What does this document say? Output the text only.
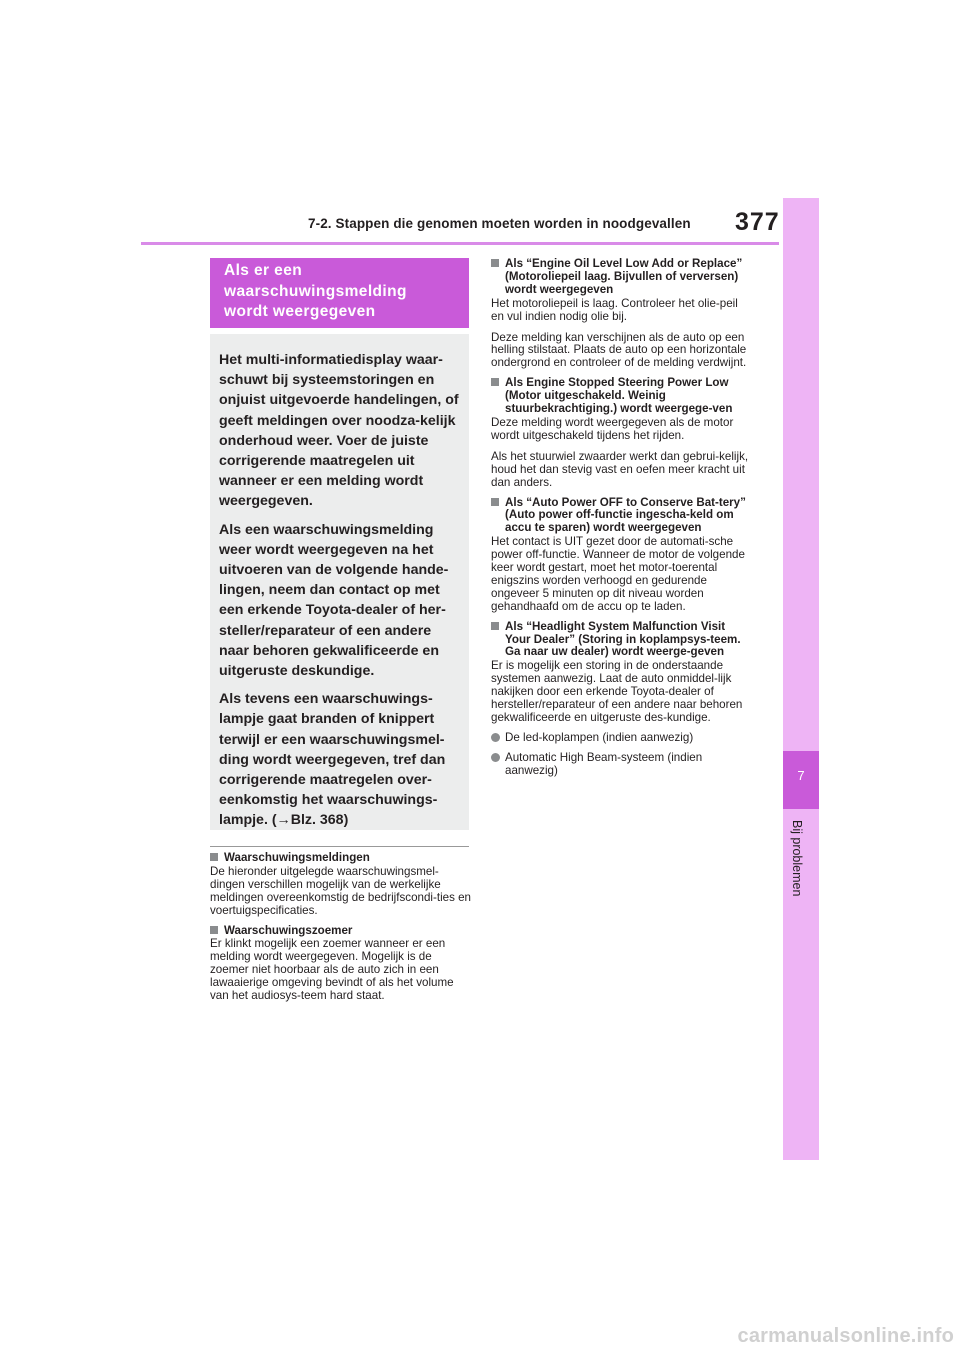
7-2. Stappen die genomen moeten worden in noodgevallen 377
7
Bij problemen
Als er een waarschuwingsmelding wordt weergegeven

Het multi-informatiedisplay waar-schuwt bij systeemstoringen en onjuist uitgevoerde handelingen, of geeft meldingen over noodza-kelijk onderhoud weer. Voer de juiste corrigerende maatregelen uit wanneer er een melding wordt weergegeven.

Als een waarschuwingsmelding weer wordt weergegeven na het uitvoeren van de volgende hande-lingen, neem dan contact op met een erkende Toyota-dealer of her-steller/reparateur of een andere naar behoren gekwalificeerde en uitgeruste deskundige.

Als tevens een waarschuwings-lampje gaat branden of knippert terwijl er een waarschuwingsmel-ding wordt weergegeven, tref dan corrigerende maatregelen over-eenkomstig het waarschuwings-lampje. (→Blz. 368)

Waarschuwingsmeldingen
De hieronder uitgelegde waarschuwingsmel-dingen verschillen mogelijk van de werkelijke meldingen overeenkomstig de bedrijfscondi-ties en voertuigspecificaties.
Waarschuwingszoemer
Er klinkt mogelijk een zoemer wanneer er een melding wordt weergegeven. Mogelijk is de zoemer niet hoorbaar als de auto zich in een lawaaierige omgeving bevindt of als het volume van het audiosys-teem hard staat.
Als “Engine Oil Level Low Add or Replace” (Motoroliepeil laag. Bijvullen of verversen) wordt weergegeven
Het motoroliepeil is laag. Controleer het olie-peil en vul indien nodig olie bij.
Deze melding kan verschijnen als de auto op een helling stilstaat. Plaats de auto op een horizontale ondergrond en controleer of de melding verdwijnt.
Als Engine Stopped Steering Power Low (Motor uitgeschakeld. Weinig stuurbekrachtiging.) wordt weergege-ven
Deze melding wordt weergegeven als de motor wordt uitgeschakeld tijdens het rijden.
Als het stuurwiel zwaarder werkt dan gebrui-kelijk, houd het dan stevig vast en oefen meer kracht uit dan anders.
Als “Auto Power OFF to Conserve Bat-tery” (Auto power off-functie ingescha-keld om accu te sparen) wordt weergegeven
Het contact is UIT gezet door de automati-sche power off-functie. Wanneer de motor de volgende keer wordt gestart, moet het motor-toerental enigszins worden verhoogd en gedurende ongeveer 5 minuten op dit niveau worden gehandhaafd om de accu op te laden.
Als “Headlight System Malfunction Visit Your Dealer” (Storing in koplampsys-teem. Ga naar uw dealer) wordt weerge-geven
Er is mogelijk een storing in de onderstaande systemen aanwezig. Laat de auto onmiddel-lijk nakijken door een erkende Toyota-dealer of hersteller/reparateur of een andere naar behoren gekwalificeerde en uitgeruste des-kundige.
De led-koplampen (indien aanwezig)
Automatic High Beam-systeem (indien aanwezig)
carmanualsonline.info
